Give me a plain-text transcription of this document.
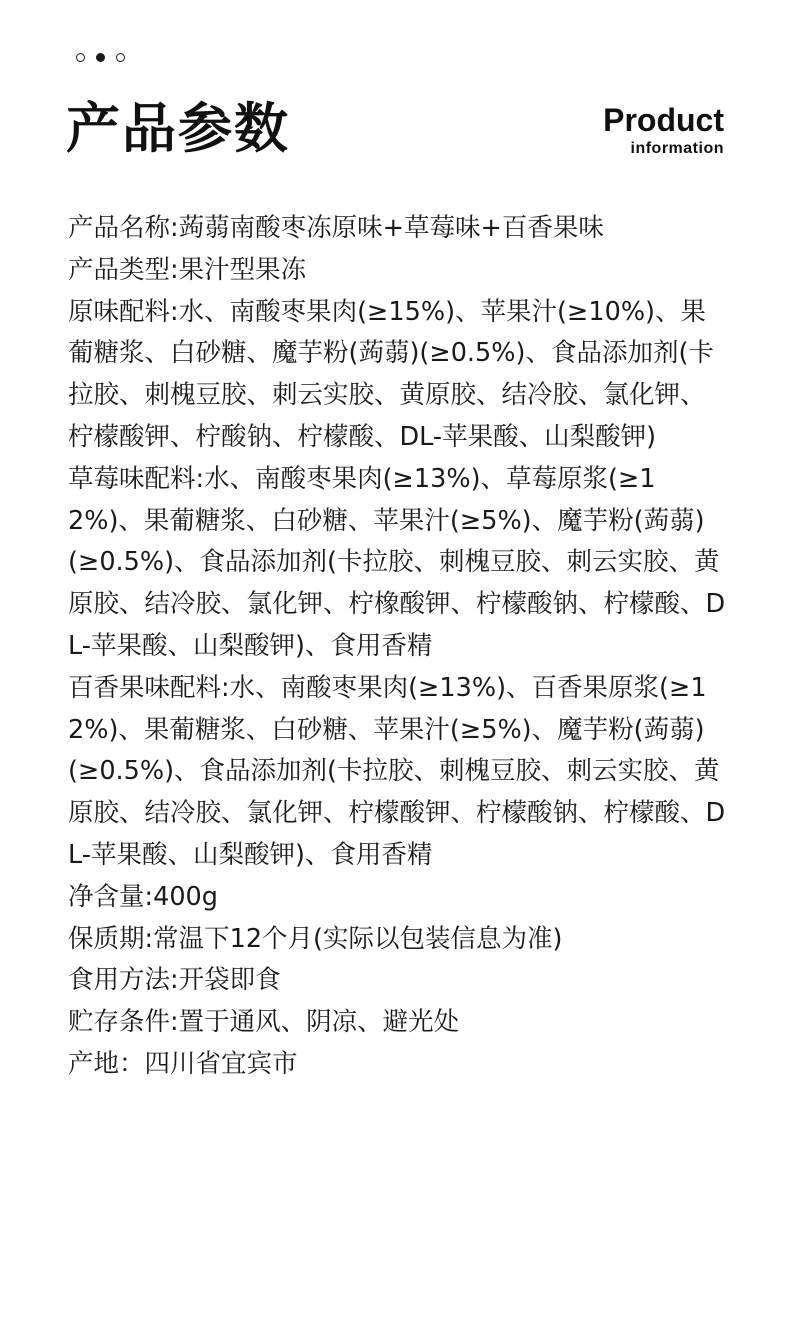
产品参数	Product
information
产品名称:蒟蒻南酸枣冻原味+草莓味+百香果味
产品类型:果汁型果冻
原味配料:水、南酸枣果肉(≥15%)、苹果汁(≥10%)、果葡糖浆、白砂糖、魔芋粉(蒟蒻)(≥0.5%)、食品添加剂(卡拉胶、刺槐豆胶、刺云实胶、黄原胶、结冷胶、氯化钾、柠檬酸钾、柠酸钠、柠檬酸、DL-苹果酸、山梨酸钾)
草莓味配料:水、南酸枣果肉(≥13%)、草莓原浆(≥12%)、果葡糖浆、白砂糖、苹果汁(≥5%)、魔芋粉(蒟蒻)(≥0.5%)、食品添加剂(卡拉胶、刺槐豆胶、刺云实胶、黄原胶、结冷胶、氯化钾、柠橡酸钾、柠檬酸钠、柠檬酸、DL-苹果酸、山梨酸钾)、食用香精
百香果味配料:水、南酸枣果肉(≥13%)、百香果原浆(≥12%)、果葡糖浆、白砂糖、苹果汁(≥5%)、魔芋粉(蒟蒻)(≥0.5%)、食品添加剂(卡拉胶、刺槐豆胶、刺云实胶、黄原胶、结冷胶、氯化钾、柠檬酸钾、柠檬酸钠、柠檬酸、DL-苹果酸、山梨酸钾)、食用香精
净含量:400g
保质期:常温下12个月(实际以包装信息为准)
食用方法:开袋即食
贮存条件:置于通风、阴凉、避光处
产地：四川省宜宾市
